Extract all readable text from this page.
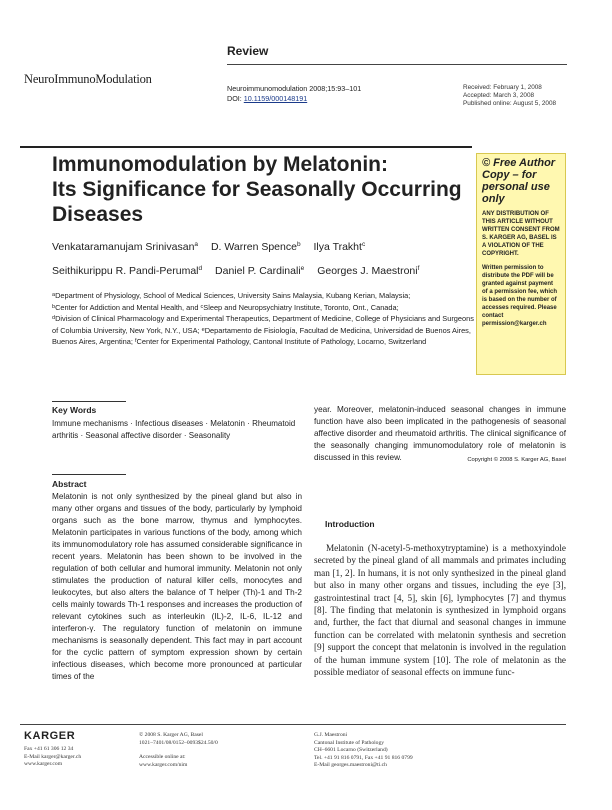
Review
NeuroImmunoModulation
Neuroimmunomodulation 2008;15:93–101
DOI: 10.1159/000148191
Received: February 1, 2008
Accepted: March 3, 2008
Published online: August 5, 2008
Immunomodulation by Melatonin:
Its Significance for Seasonally Occurring
Diseases
Venkataramanujam Srinivasan$^a$ D. Warren Spence$^b$ Ilya Trakht$^c$
Seithikurippu R. Pandi-Perumal$^d$ Daniel P. Cardinali$^e$ Georges J. Maestroni$^f$
$^a$Department of Physiology, School of Medical Sciences, University Sains Malaysia, Kubang Kerian, Malaysia;
$^b$Center for Addiction and Mental Health, and $^c$Sleep and Neuropsychiatry Institute, Toronto, Ont., Canada;
$^d$Division of Clinical Pharmacology and Experimental Therapeutics, Department of Medicine, College of Physicians and Surgeons of Columbia University, New York, N.Y., USA; $^e$Departamento de Fisiología, Facultad de Medicina, Universidad de Buenos Aires, Buenos Aires, Argentina; $^f$Center for Experimental Pathology, Cantonal Institute of Pathology, Locarno, Switzerland
© Free Author Copy – for personal use only
ANY DISTRIBUTION OF THIS ARTICLE WITHOUT WRITTEN CONSENT FROM S. KARGER AG, BASEL IS A VIOLATION OF THE COPYRIGHT.
Written permission to distribute the PDF will be granted against payment of a permission fee, which is based on the number of accesses required. Please contact permission@karger.ch
Key Words
Immune mechanisms · Infectious diseases · Melatonin · Rheumatoid arthritis · Seasonal affective disorder · Seasonality
Abstract
Melatonin is not only synthesized by the pineal gland but also in many other organs and tissues of the body, particularly by lymphoid organs such as the bone marrow, thymus and lymphocytes. Melatonin participates in various functions of the body, among which its immunomodulatory role has assumed considerable significance in recent years. Melatonin has been shown to be involved in the regulation of both cellular and humoral immunity. Melatonin not only stimulates the production of natural killer cells, monocytes and leukocytes, but also alters the balance of T helper (Th)-1 and Th-2 cells mainly towards Th-1 responses and increases the production of relevant cytokines such as interleukin (IL)-2, IL-6, IL-12 and interferon-γ. The regulatory function of melatonin on immune mechanisms is seasonally dependent. This fact may in part account for the cyclic pattern of symptom expression shown by certain infectious diseases, which become more pronounced at particular times of the
year. Moreover, melatonin-induced seasonal changes in immune function have also been implicated in the pathogenesis of seasonal affective disorder and rheumatoid arthritis. The clinical significance of the seasonally changing immunomodulatory role of melatonin is discussed in this review.	Copyright © 2008 S. Karger AG, Basel
Introduction
Melatonin (N-acetyl-5-methoxytryptamine) is a methoxyindole secreted by the pineal gland of all mammals and primates including man [1, 2]. In humans, it is not only synthesized in the pineal gland but also in many other organs and tissues, including the eye [3], gastrointestinal tract [4, 5], skin [6], lymphocytes [7] and thymus [8]. The finding that melatonin is synthesized in lymphoid organs and, further, the fact that diurnal and seasonal changes in immune function can be correlated with melatonin synthesis and secretion [9] support the concept that melatonin is involved in the regulation of the human immune system [10]. The role of melatonin as the possible mediator of seasonal effects on immune func-
KARGER
Fax +41 61 306 12 34
E-Mail karger@karger.ch
www.karger.com
© 2008 S. Karger AG, Basel
1021–7401/08/0152–0093$24.50/0
Accessible online at:
www.karger.com/nim
G.J. Maestroni
Cantonal Institute of Pathology
CH–6601 Locarno (Switzerland)
Tel. +41 91 816 0791, Fax +41 91 816 0799
E-Mail georges.maestroni@ti.ch
